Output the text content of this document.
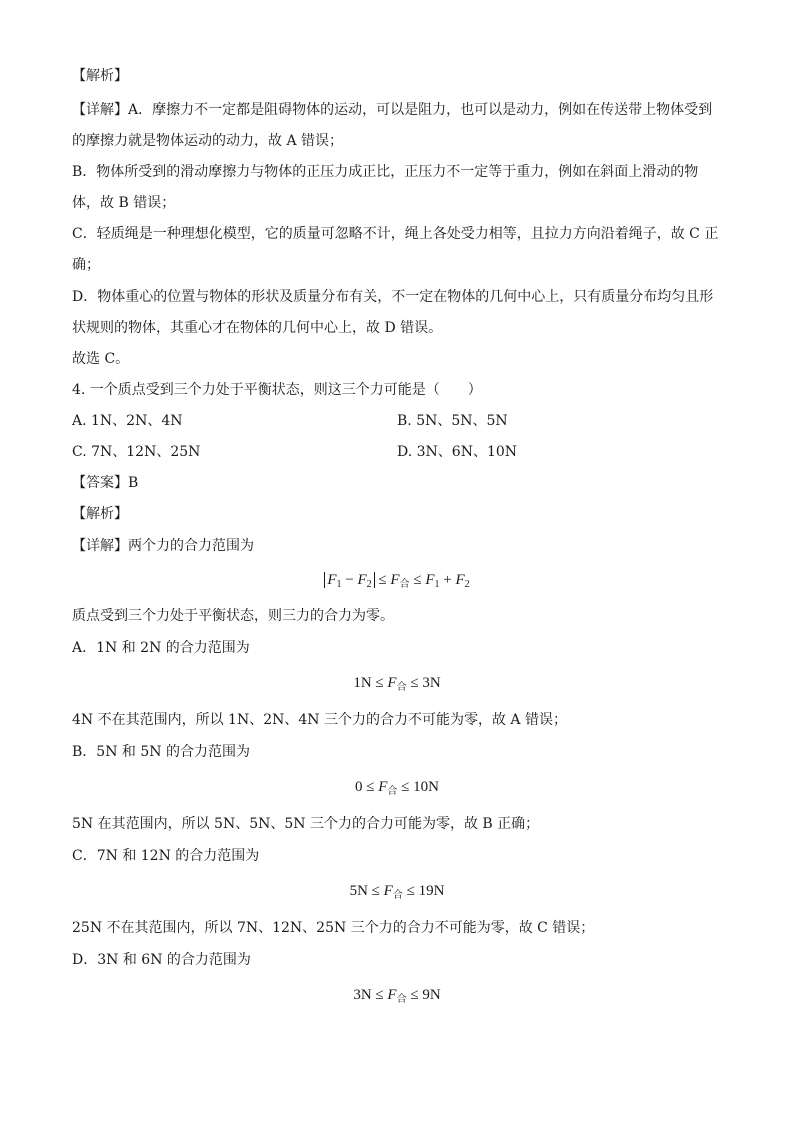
【解析】
【详解】A．摩擦力不一定都是阻碍物体的运动，可以是阻力，也可以是动力，例如在传送带上物体受到
的摩擦力就是物体运动的动力，故 A 错误；
B．物体所受到的滑动摩擦力与物体的正压力成正比，正压力不一定等于重力，例如在斜面上滑动的物
体，故 B 错误；
C．轻质绳是一种理想化模型，它的质量可忽略不计，绳上各处受力相等，且拉力方向沿着绳子，故 C 正
确；
D．物体重心的位置与物体的形状及质量分布有关，不一定在物体的几何中心上，只有质量分布均匀且形
状规则的物体，其重心才在物体的几何中心上，故 D 错误。
故选 C。
4. 一个质点受到三个力处于平衡状态，则这三个力可能是（　　）
A. 1N、2N、4N	B. 5N、5N、5N
C. 7N、12N、25N	D. 3N、6N、10N
【答案】B
【解析】
【详解】两个力的合力范围为
$F_1 - F_2 \le F_合 \le F_1 + F_2$
质点受到三个力处于平衡状态，则三力的合力为零。
A．1N 和 2N 的合力范围为
$1N \le F_合 \le 3N$
4N 不在其范围内，所以 1N、2N、4N 三个力的合力不可能为零，故 A 错误；
B．5N 和 5N 的合力范围为
$0 \le F_合 \le 10N$
5N 在其范围内，所以 5N、5N、5N 三个力的合力可能为零，故 B 正确；
C．7N 和 12N 的合力范围为
$5N \le F_合 \le 19N$
25N 不在其范围内，所以 7N、12N、25N 三个力的合力不可能为零，故 C 错误；
D．3N 和 6N 的合力范围为
$3N \le F_合 \le 9N$
